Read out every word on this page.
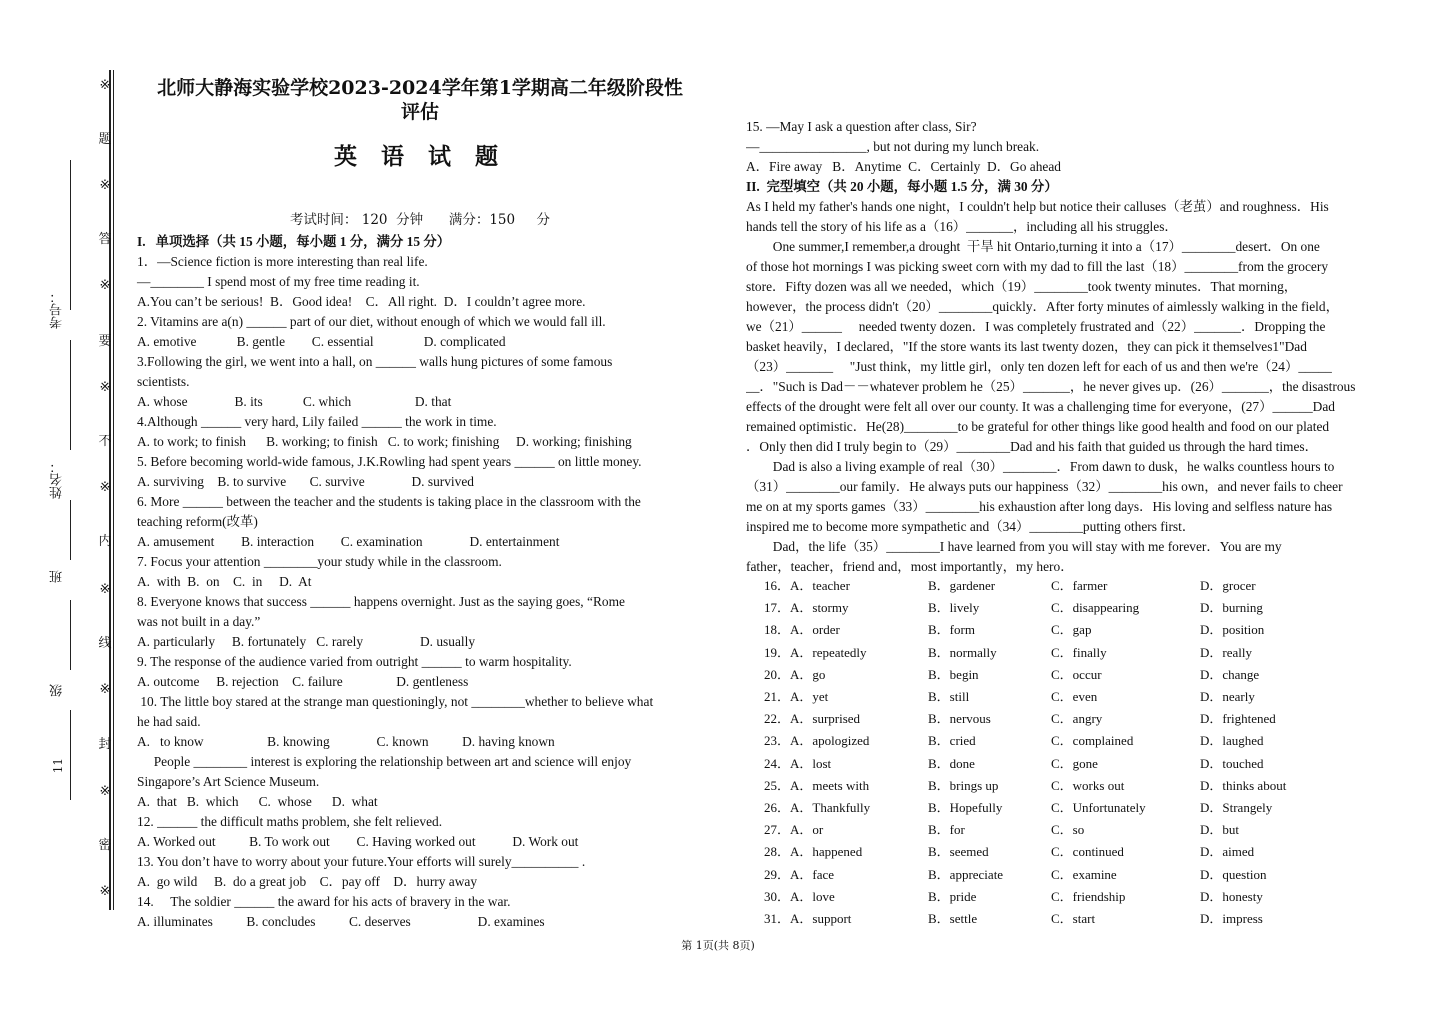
※
题
※
答
※
要
※
不
※
内
※
线
※
封
※
密
※
考号：
姓名：
班
级
11
北师大静海实验学校2023-2024学年第1学期高二年级阶段性
评估
英 语 试 题
考试时间： 120  分钟      满分：150     分
I.   单项选择（共 15 小题，每小题 1 分，满分 15 分）
1．—Science fiction is more interesting than real life.
—________ I spend most of my free time reading it.
A.You can’t be serious!  B．Good idea!    C．All right.  D．I couldn’t agree more.
2. Vitamins are a(n) ______ part of our diet, without enough of which we would fall ill.
A. emotive            B. gentle        C. essential               D. complicated
3.Following the girl, we went into a hall, on ______ walls hung pictures of some famous
scientists.
A. whose              B. its            C. which                   D. that
4.Although ______ very hard, Lily failed ______ the work in time.
A. to work; to finish      B. working; to finish   C. to work; finishing     D. working; finishing
5. Before becoming world-wide famous, J.K.Rowling had spent years ______ on little money.
A. surviving    B. to survive       C. survive              D. survived
6. More ______ between the teacher and the students is taking place in the classroom with the
teaching reform(改革)
A. amusement        B. interaction        C. examination              D. entertainment
7. Focus your attention ________your study while in the classroom.
A.  with  B.  on    C.  in     D.  At
8. Everyone knows that success ______ happens overnight. Just as the saying goes, “Rome
was not built in a day.”
A. particularly     B. fortunately   C. rarely                 D. usually
9. The response of the audience varied from outright ______ to warm hospitality.
A. outcome     B. rejection    C. failure                D. gentleness
10. The little boy stared at the strange man questioningly, not ________whether to believe what
he had said.
A.   to know                   B. knowing              C. known          D. having known
People ________ interest is exploring the relationship between art and science will enjoy
Singapore’s Art Science Museum.
A.  that   B.  which      C.  whose      D.  what
12. ______ the difficult maths problem, she felt relieved.
A. Worked out          B. To work out        C. Having worked out           D. Work out
13. You don’t have to worry about your future.Your efforts will surely__________ .
A.  go wild     B.  do a great job    C．pay off    D．hurry away
14.     The soldier ______ the award for his acts of bravery in the war.
A. illuminates          B. concludes          C. deserves                    D. examines
15. —May I ask a question after class, Sir?
—________________, but not during my lunch break.
A．Fire away   B．Anytime  C．Certainly  D．Go ahead
II.  完型填空（共 20 小题，每小题 1.5 分，满 30 分）
As I held my father's hands one night，I couldn't help but notice their calluses（老茧）and roughness．His
hands tell the story of his life as a（16）_______，including all his struggles．
One summer,I remember,a drought  干旱 hit Ontario,turning it into a（17）________desert．On one
of those hot mornings I was picking sweet corn with my dad to fill the last（18）________from the grocery
store．Fifty dozen was all we needed，which（19）________took twenty minutes．That morning，
however，the process didn't（20）________quickly．After forty minutes of aimlessly walking in the field，
we（21）______     needed twenty dozen．I was completely frustrated and（22）_______．Dropping the
basket heavily，I declared，"If the store wants its last twenty dozen，they can pick it themselves1"Dad
（23）_______     "Just think，my little girl，only ten dozen left for each of us and then we're（24）_____
__．"Such is Dad－－whatever problem he（25）_______，he never gives up．(26）_______，the disastrous
effects of the drought were felt all over our county. It was a challenging time for everyone，(27）______Dad
remained optimistic．He(28)________to be grateful for other things like good health and food on our plated
．Only then did I truly begin to（29）________Dad and his faith that guided us through the hard times．
Dad is also a living example of real（30）________．From dawn to dusk，he walks countless hours to
（31）________our family．He always puts our happiness（32）________his own，and never fails to cheer
me on at my sports games（33）________his exhaustion after long days．His loving and selfless nature has
inspired me to become more sympathetic and（34）________putting others first．
Dad，the life（35）________I have learned from you will stay with me forever．You are my
father，teacher，friend and，most importantly，my hero．
16．A．teacher	B．gardener	C．farmer	D．grocer
17．A．stormy	B．lively	C．disappearing	D．burning
18．A．order	B．form	C．gap	D．position
19．A．repeatedly	B．normally	C．finally	D．really
20．A．go	B．begin	C．occur	D．change
21．A．yet	B．still	C．even	D．nearly
22．A．surprised	B．nervous	C．angry	D．frightened
23．A．apologized	B．cried	C．complained	D．laughed
24．A．lost	B．done	C．gone	D．touched
25．A．meets with	B．brings up	C．works out	D．thinks about
26．A．Thankfully	B．Hopefully	C．Unfortunately	D．Strangely
27．A．or	B．for	C．so	D．but
28．A．happened	B．seemed	C．continued	D．aimed
29．A．face	B．appreciate	C．examine	D．question
30．A．love	B．pride	C．friendship	D．honesty
31．A．support	B．settle	C．start	D．impress
第 1页(共 8页)
